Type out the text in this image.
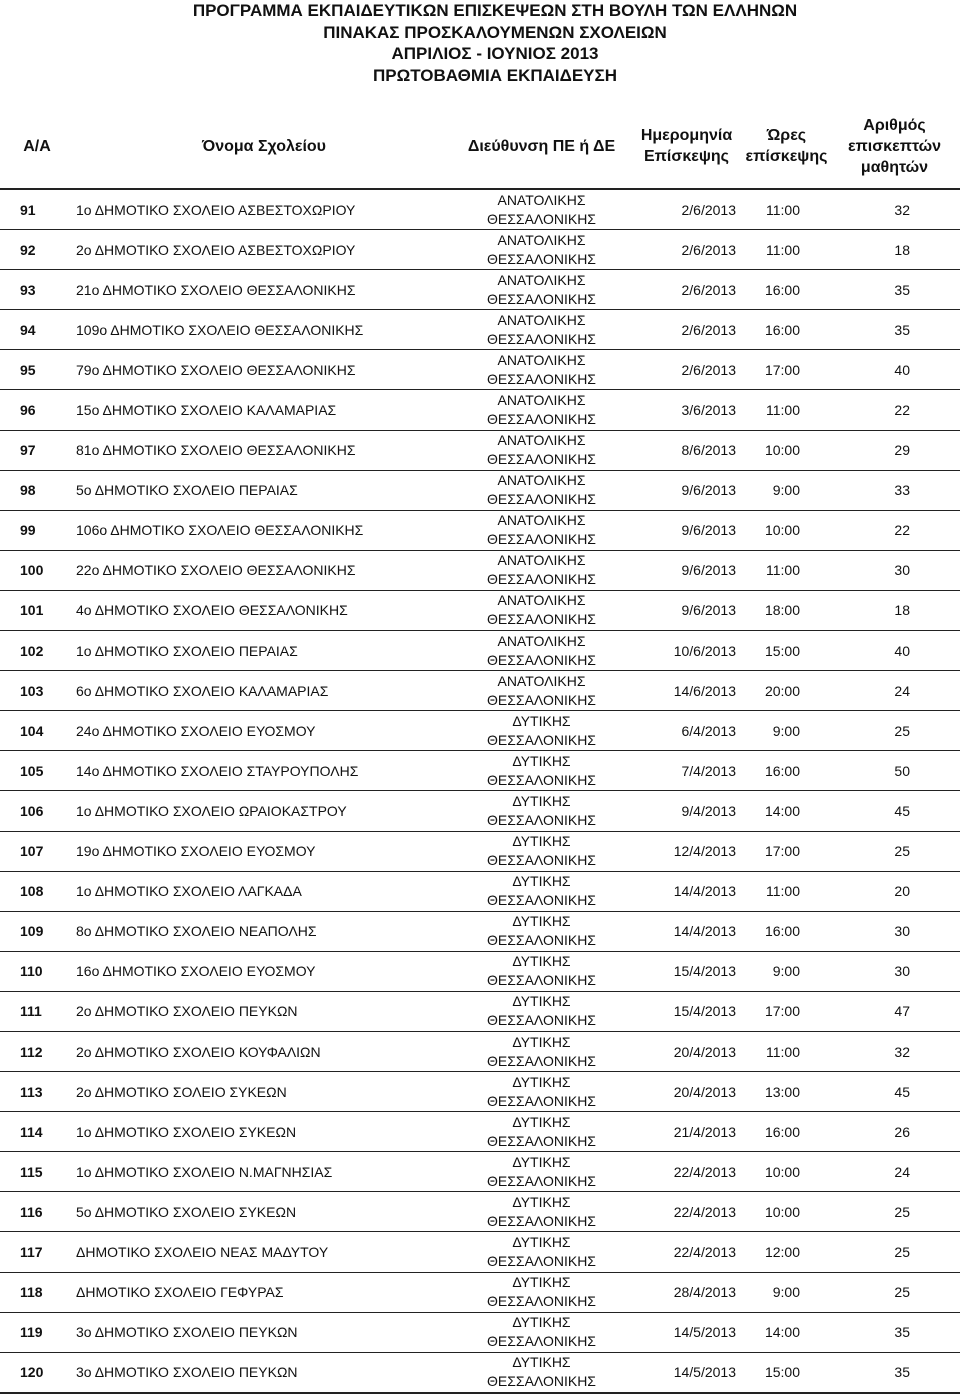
ΠΡΟΓΡΑΜΜΑ ΕΚΠΑΙΔΕΥΤΙΚΩΝ ΕΠΙΣΚΕΨΕΩΝ ΣΤΗ ΒΟΥΛΗ ΤΩΝ ΕΛΛΗΝΩΝ
ΠΙΝΑΚΑΣ ΠΡΟΣΚΑΛΟΥΜΕΝΩΝ ΣΧΟΛΕΙΩΝ
ΑΠΡΙΛΙΟΣ - ΙΟΥΝΙΟΣ 2013
ΠΡΩΤΟΒΑΘΜΙΑ ΕΚΠΑΙΔΕΥΣΗ
Α/Α	Όνομα Σχολείου	Διεύθυνση ΠΕ ή ΔΕ	Ημερομηνία
Επίσκεψης	Ώρες
επίσκεψης	Αριθμός
επισκεπτών
μαθητών

91	1ο ΔΗΜΟΤΙΚΟ ΣΧΟΛΕΙΟ ΑΣΒΕΣΤΟΧΩΡΙΟΥ	ΑΝΑΤΟΛΙΚΗΣ
ΘΕΣΣΑΛΟΝΙΚΗΣ	2/6/2013	11:00	32
92	2ο ΔΗΜΟΤΙΚΟ ΣΧΟΛΕΙΟ ΑΣΒΕΣΤΟΧΩΡΙΟΥ	ΑΝΑΤΟΛΙΚΗΣ
ΘΕΣΣΑΛΟΝΙΚΗΣ	2/6/2013	11:00	18
93	21ο ΔΗΜΟΤΙΚΟ ΣΧΟΛΕΙΟ ΘΕΣΣΑΛΟΝΙΚΗΣ	ΑΝΑΤΟΛΙΚΗΣ
ΘΕΣΣΑΛΟΝΙΚΗΣ	2/6/2013	16:00	35
94	109ο ΔΗΜΟΤΙΚΟ ΣΧΟΛΕΙΟ ΘΕΣΣΑΛΟΝΙΚΗΣ	ΑΝΑΤΟΛΙΚΗΣ
ΘΕΣΣΑΛΟΝΙΚΗΣ	2/6/2013	16:00	35
95	79ο ΔΗΜΟΤΙΚΟ ΣΧΟΛΕΙΟ ΘΕΣΣΑΛΟΝΙΚΗΣ	ΑΝΑΤΟΛΙΚΗΣ
ΘΕΣΣΑΛΟΝΙΚΗΣ	2/6/2013	17:00	40
96	15ο ΔΗΜΟΤΙΚΟ ΣΧΟΛΕΙΟ ΚΑΛΑΜΑΡΙΑΣ	ΑΝΑΤΟΛΙΚΗΣ
ΘΕΣΣΑΛΟΝΙΚΗΣ	3/6/2013	11:00	22
97	81ο ΔΗΜΟΤΙΚΟ ΣΧΟΛΕΙΟ ΘΕΣΣΑΛΟΝΙΚΗΣ	ΑΝΑΤΟΛΙΚΗΣ
ΘΕΣΣΑΛΟΝΙΚΗΣ	8/6/2013	10:00	29
98	5ο ΔΗΜΟΤΙΚΟ ΣΧΟΛΕΙΟ ΠΕΡΑΙΑΣ	ΑΝΑΤΟΛΙΚΗΣ
ΘΕΣΣΑΛΟΝΙΚΗΣ	9/6/2013	9:00	33
99	106ο ΔΗΜΟΤΙΚΟ ΣΧΟΛΕΙΟ ΘΕΣΣΑΛΟΝΙΚΗΣ	ΑΝΑΤΟΛΙΚΗΣ
ΘΕΣΣΑΛΟΝΙΚΗΣ	9/6/2013	10:00	22
100	22ο ΔΗΜΟΤΙΚΟ ΣΧΟΛΕΙΟ ΘΕΣΣΑΛΟΝΙΚΗΣ	ΑΝΑΤΟΛΙΚΗΣ
ΘΕΣΣΑΛΟΝΙΚΗΣ	9/6/2013	11:00	30
101	4ο ΔΗΜΟΤΙΚΟ ΣΧΟΛΕΙΟ ΘΕΣΣΑΛΟΝΙΚΗΣ	ΑΝΑΤΟΛΙΚΗΣ
ΘΕΣΣΑΛΟΝΙΚΗΣ	9/6/2013	18:00	18
102	1ο ΔΗΜΟΤΙΚΟ ΣΧΟΛΕΙΟ ΠΕΡΑΙΑΣ	ΑΝΑΤΟΛΙΚΗΣ
ΘΕΣΣΑΛΟΝΙΚΗΣ	10/6/2013	15:00	40
103	6ο ΔΗΜΟΤΙΚΟ ΣΧΟΛΕΙΟ ΚΑΛΑΜΑΡΙΑΣ	ΑΝΑΤΟΛΙΚΗΣ
ΘΕΣΣΑΛΟΝΙΚΗΣ	14/6/2013	20:00	24
104	24ο ΔΗΜΟΤΙΚΟ ΣΧΟΛΕΙΟ ΕΥΟΣΜΟΥ	ΔΥΤΙΚΗΣ
ΘΕΣΣΑΛΟΝΙΚΗΣ	6/4/2013	9:00	25
105	14ο ΔΗΜΟΤΙΚΟ ΣΧΟΛΕΙΟ ΣΤΑΥΡΟΥΠΟΛΗΣ	ΔΥΤΙΚΗΣ
ΘΕΣΣΑΛΟΝΙΚΗΣ	7/4/2013	16:00	50
106	1ο ΔΗΜΟΤΙΚΟ ΣΧΟΛΕΙΟ ΩΡΑΙΟΚΑΣΤΡΟΥ	ΔΥΤΙΚΗΣ
ΘΕΣΣΑΛΟΝΙΚΗΣ	9/4/2013	14:00	45
107	19ο ΔΗΜΟΤΙΚΟ ΣΧΟΛΕΙΟ ΕΥΟΣΜΟΥ	ΔΥΤΙΚΗΣ
ΘΕΣΣΑΛΟΝΙΚΗΣ	12/4/2013	17:00	25
108	1ο ΔΗΜΟΤΙΚΟ ΣΧΟΛΕΙΟ ΛΑΓΚΑΔΑ	ΔΥΤΙΚΗΣ
ΘΕΣΣΑΛΟΝΙΚΗΣ	14/4/2013	11:00	20
109	8ο ΔΗΜΟΤΙΚΟ ΣΧΟΛΕΙΟ ΝΕΑΠΟΛΗΣ	ΔΥΤΙΚΗΣ
ΘΕΣΣΑΛΟΝΙΚΗΣ	14/4/2013	16:00	30
110	16ο ΔΗΜΟΤΙΚΟ ΣΧΟΛΕΙΟ ΕΥΟΣΜΟΥ	ΔΥΤΙΚΗΣ
ΘΕΣΣΑΛΟΝΙΚΗΣ	15/4/2013	9:00	30
111	2ο ΔΗΜΟΤΙΚΟ ΣΧΟΛΕΙΟ ΠΕΥΚΩΝ	ΔΥΤΙΚΗΣ
ΘΕΣΣΑΛΟΝΙΚΗΣ	15/4/2013	17:00	47
112	2ο ΔΗΜΟΤΙΚΟ ΣΧΟΛΕΙΟ ΚΟΥΦΑΛΙΩΝ	ΔΥΤΙΚΗΣ
ΘΕΣΣΑΛΟΝΙΚΗΣ	20/4/2013	11:00	32
113	2ο ΔΗΜΟΤΙΚΟ ΣΟΛΕΙΟ ΣΥΚΕΩΝ	ΔΥΤΙΚΗΣ
ΘΕΣΣΑΛΟΝΙΚΗΣ	20/4/2013	13:00	45
114	1ο ΔΗΜΟΤΙΚΟ ΣΧΟΛΕΙΟ ΣΥΚΕΩΝ	ΔΥΤΙΚΗΣ
ΘΕΣΣΑΛΟΝΙΚΗΣ	21/4/2013	16:00	26
115	1ο ΔΗΜΟΤΙΚΟ ΣΧΟΛΕΙΟ Ν.ΜΑΓΝΗΣΙΑΣ	ΔΥΤΙΚΗΣ
ΘΕΣΣΑΛΟΝΙΚΗΣ	22/4/2013	10:00	24
116	5ο ΔΗΜΟΤΙΚΟ ΣΧΟΛΕΙΟ ΣΥΚΕΩΝ	ΔΥΤΙΚΗΣ
ΘΕΣΣΑΛΟΝΙΚΗΣ	22/4/2013	10:00	25
117	ΔΗΜΟΤΙΚΟ ΣΧΟΛΕΙΟ ΝΕΑΣ ΜΑΔΥΤΟΥ	ΔΥΤΙΚΗΣ
ΘΕΣΣΑΛΟΝΙΚΗΣ	22/4/2013	12:00	25
118	ΔΗΜΟΤΙΚΟ ΣΧΟΛΕΙΟ ΓΕΦΥΡΑΣ	ΔΥΤΙΚΗΣ
ΘΕΣΣΑΛΟΝΙΚΗΣ	28/4/2013	9:00	25
119	3ο ΔΗΜΟΤΙΚΟ ΣΧΟΛΕΙΟ ΠΕΥΚΩΝ	ΔΥΤΙΚΗΣ
ΘΕΣΣΑΛΟΝΙΚΗΣ	14/5/2013	14:00	35
120	3ο ΔΗΜΟΤΙΚΟ ΣΧΟΛΕΙΟ ΠΕΥΚΩΝ	ΔΥΤΙΚΗΣ
ΘΕΣΣΑΛΟΝΙΚΗΣ	14/5/2013	15:00	35
